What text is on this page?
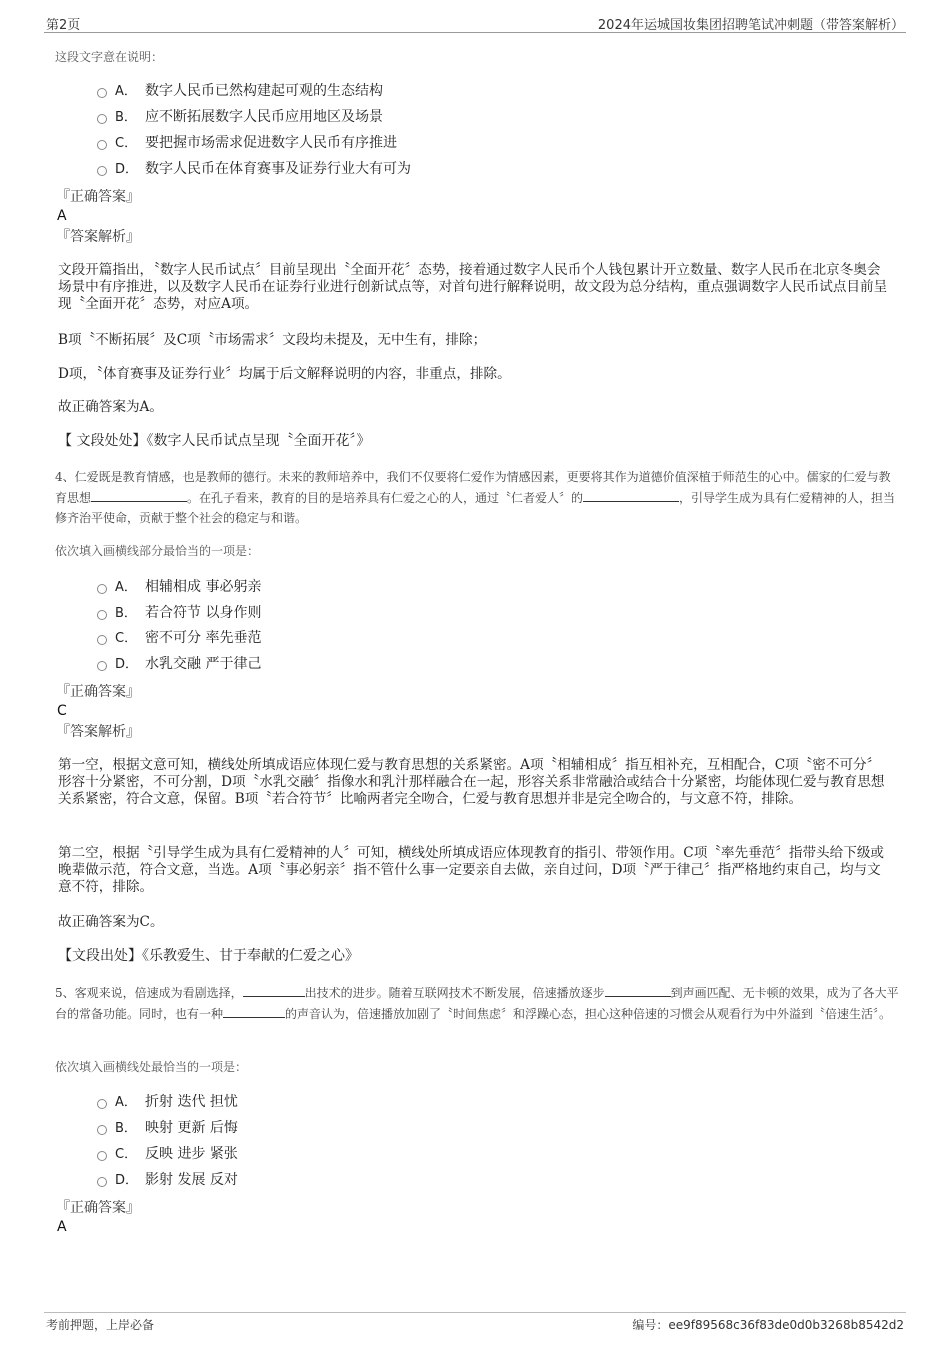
第2页	2024年运城国妆集团招聘笔试冲刺题（带答案解析）
这段文字意在说明：
A． 数字人民币已然构建起可观的生态结构
B． 应不断拓展数字人民币应用地区及场景
C． 要把握市场需求促进数字人民币有序推进
D． 数字人民币在体育赛事及证券行业大有可为
『正确答案』
A
『答案解析』
文段开篇指出，〝数字人民币试点〞目前呈现出〝全面开花〞态势，接着通过数字人民币个人钱包累计开立数量、数字人民币在北京冬奥会场景中有序推进，以及数字人民币在证券行业进行创新试点等，对首句进行解释说明，故文段为总分结构，重点强调数字人民币试点目前呈现〝全面开花〞态势，对应A项。
B项〝不断拓展〞及C项〝市场需求〞文段均未提及，无中生有，排除；
D项，〝体育赛事及证券行业〞均属于后文解释说明的内容，非重点，排除。
故正确答案为A。
【 文段处处】《数字人民币试点呈现〝全面开花〞》
4、仁爱既是教育情感，也是教师的德行。未来的教师培养中，我们不仅要将仁爱作为情感因素，更要将其作为道德价值深植于师范生的心中。儒家的仁爱与教育思想	。在孔子看来，教育的目的是培养具有仁爱之心的人，通过〝仁者爱人〞的	，引导学生成为具有仁爱精神的人，担当修齐治平使命，贡献于整个社会的稳定与和谐。
依次填入画横线部分最恰当的一项是：
A． 相辅相成 事必躬亲
B． 若合符节 以身作则
C． 密不可分 率先垂范
D． 水乳交融 严于律己
『正确答案』
C
『答案解析』
第一空，根据文意可知，横线处所填成语应体现仁爱与教育思想的关系紧密。A项〝相辅相成〞指互相补充，互相配合，C项〝密不可分〞形容十分紧密，不可分割，D项〝水乳交融〞指像水和乳汁那样融合在一起，形容关系非常融洽或结合十分紧密，均能体现仁爱与教育思想关系紧密，符合文意，保留。B项〝若合符节〞比喻两者完全吻合，仁爱与教育思想并非是完全吻合的，与文意不符，排除。
第二空，根据〝引导学生成为具有仁爱精神的人〞可知，横线处所填成语应体现教育的指引、带领作用。C项〝率先垂范〞指带头给下级或晚辈做示范，符合文意，当选。A项〝事必躬亲〞指不管什么事一定要亲自去做，亲自过问，D项〝严于律己〞指严格地约束自己，均与文意不符，排除。
故正确答案为C。
【文段出处】《乐教爱生、甘于奉献的仁爱之心》
5、客观来说，倍速成为看剧选择，	出技术的进步。随着互联网技术不断发展，倍速播放逐步	到声画匹配、无卡顿的效果，成为了各大平台的常备功能。同时，也有一种	的声音认为，倍速播放加剧了〝时间焦虑〞和浮躁心态，担心这种倍速的习惯会从观看行为中外溢到〝倍速生活〞。
依次填入画横线处最恰当的一项是：
A． 折射 迭代 担忧
B． 映射 更新 后悔
C． 反映 进步 紧张
D． 影射 发展 反对
『正确答案』
A
考前押题，上岸必备	编号：ee9f89568c36f83de0d0b3268b8542d2
